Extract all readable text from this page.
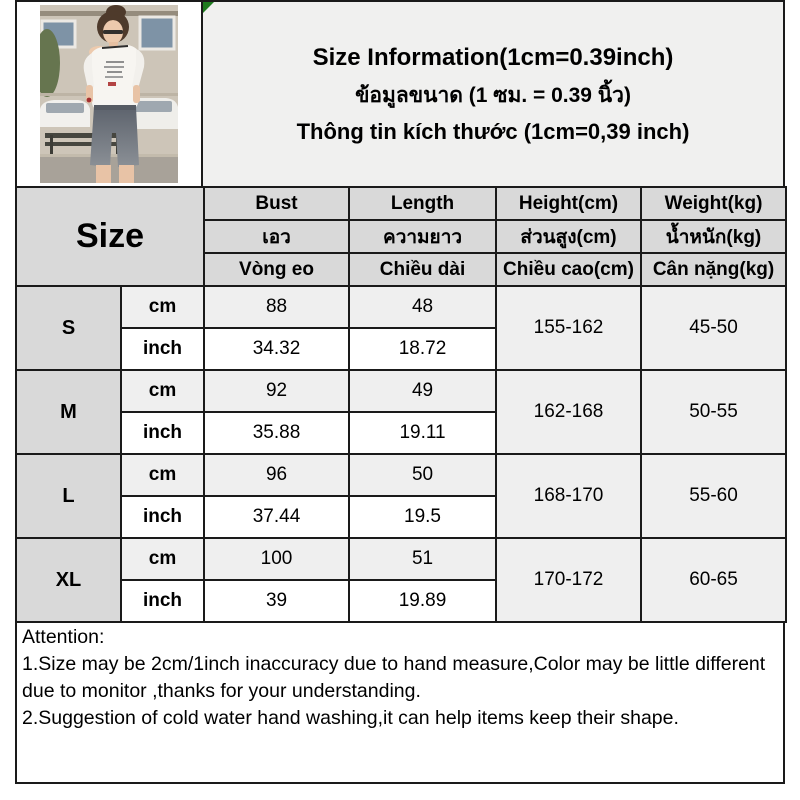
Size Information(1cm=0.39inch)
ข้อมูลขนาด (1 ซม. = 0.39 นิ้ว)
Thông tin kích thước (1cm=0,39 inch)
Size		Bust	Length	Height(cm)	Weight(kg)
		เอว	ความยาว	ส่วนสูง(cm)	น้ำหนัก(kg)
		Vòng eo	Chiều dài	Chiều cao(cm)	Cân nặng(kg)
S	cm	88	48	155-162	45-50
	inch	34.32	18.72		
M	cm	92	49	162-168	50-55
	inch	35.88	19.11		
L	cm	96	50	168-170	55-60
	inch	37.44	19.5		
XL	cm	100	51	170-172	60-65
	inch	39	19.89		

Attention:

1.Size may be 2cm/1inch inaccuracy due to hand measure,Color may be little different due to monitor ,thanks for your understanding.

2.Suggestion of cold water hand washing,it can help items keep their shape.
